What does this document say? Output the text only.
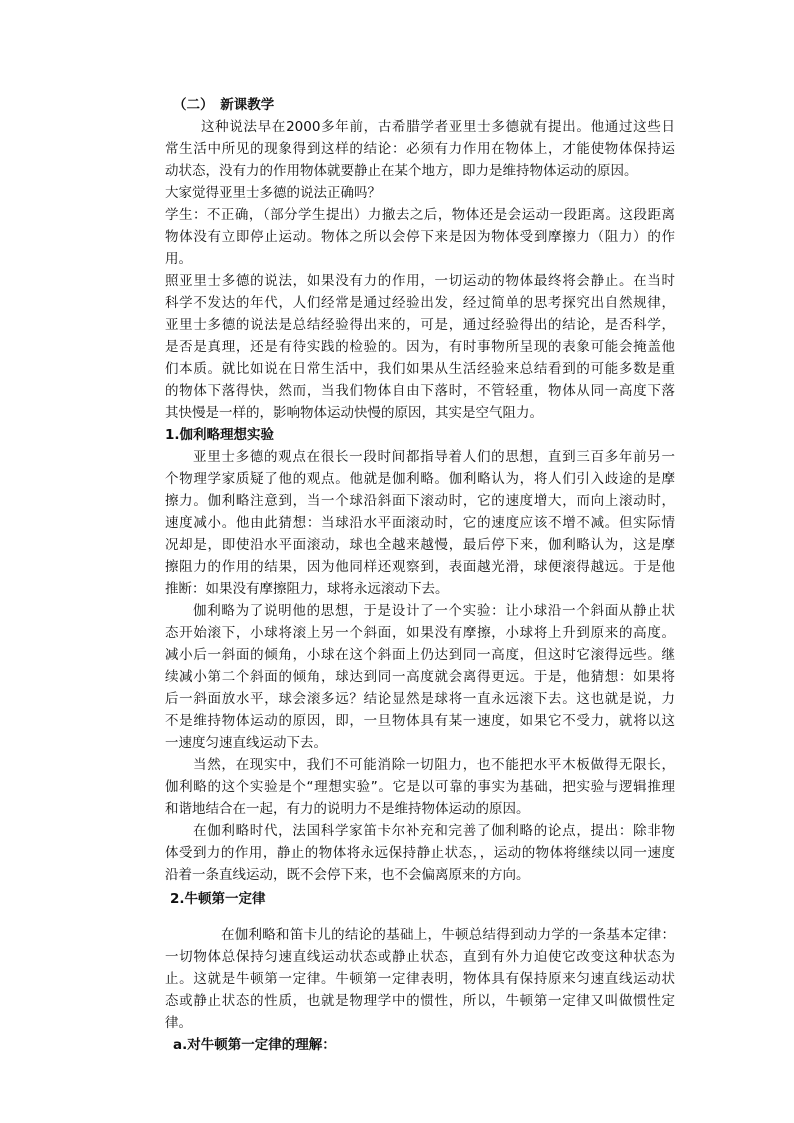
（二）　新课教学
这种说法早在2000多年前，古希腊学者亚里士多德就有提出。他通过这些日
常生活中所见的现象得到这样的结论：必须有力作用在物体上，才能使物体保持运
动状态，没有力的作用物体就要静止在某个地方，即力是维持物体运动的原因。
大家觉得亚里士多德的说法正确吗？
学生：不正确，（部分学生提出）力撤去之后，物体还是会运动一段距离。这段距离
物体没有立即停止运动。物体之所以会停下来是因为物体受到摩擦力（阻力）的作
用。
照亚里士多德的说法，如果没有力的作用，一切运动的物体最终将会静止。在当时
科学不发达的年代，人们经常是通过经验出发，经过简单的思考探究出自然规律，
亚里士多德的说法是总结经验得出来的，可是，通过经验得出的结论，是否科学，
是否是真理，还是有待实践的检验的。因为，有时事物所呈现的表象可能会掩盖他
们本质。就比如说在日常生活中，我们如果从生活经验来总结看到的可能多数是重
的物体下落得快，然而，当我们物体自由下落时，不管轻重，物体从同一高度下落
其快慢是一样的，影响物体运动快慢的原因，其实是空气阻力。
1.伽利略理想实验
亚里士多德的观点在很长一段时间都指导着人们的思想，直到三百多年前另一
个物理学家质疑了他的观点。他就是伽利略。伽利略认为，将人们引入歧途的是摩
擦力。伽利略注意到，当一个球沿斜面下滚动时，它的速度增大，而向上滚动时，
速度减小。他由此猜想：当球沿水平面滚动时，它的速度应该不增不减。但实际情
况却是，即使沿水平面滚动，球也全越来越慢，最后停下来，伽利略认为，这是摩
擦阻力的作用的结果，因为他同样还观察到，表面越光滑，球便滚得越远。于是他
推断：如果没有摩擦阻力，球将永远滚动下去。
伽利略为了说明他的思想，于是设计了一个实验：让小球沿一个斜面从静止状
态开始滚下，小球将滚上另一个斜面，如果没有摩擦，小球将上升到原来的高度。
减小后一斜面的倾角，小球在这个斜面上仍达到同一高度，但这时它滚得远些。继
续减小第二个斜面的倾角，球达到同一高度就会离得更远。于是，他猜想：如果将
后一斜面放水平，球会滚多远？结论显然是球将一直永远滚下去。这也就是说，力
不是维持物体运动的原因，即，一旦物体具有某一速度，如果它不受力，就将以这
一速度匀速直线运动下去。
当然，在现实中，我们不可能消除一切阻力，也不能把水平木板做得无限长，
伽利略的这个实验是个“理想实验”。它是以可靠的事实为基础，把实验与逻辑推理
和谐地结合在一起，有力的说明力不是维持物体运动的原因。
在伽利略时代，法国科学家笛卡尔补充和完善了伽利略的论点，提出：除非物
体受到力的作用，静止的物体将永远保持静止状态，，运动的物体将继续以同一速度
沿着一条直线运动，既不会停下来，也不会偏离原来的方向。
2.牛顿第一定律
在伽利略和笛卡儿的结论的基础上，牛顿总结得到动力学的一条基本定律：
一切物体总保持匀速直线运动状态或静止状态，直到有外力迫使它改变这种状态为
止。这就是牛顿第一定律。牛顿第一定律表明，物体具有保持原来匀速直线运动状
态或静止状态的性质，也就是物理学中的惯性，所以，牛顿第一定律又叫做惯性定
律。
a.对牛顿第一定律的理解：
